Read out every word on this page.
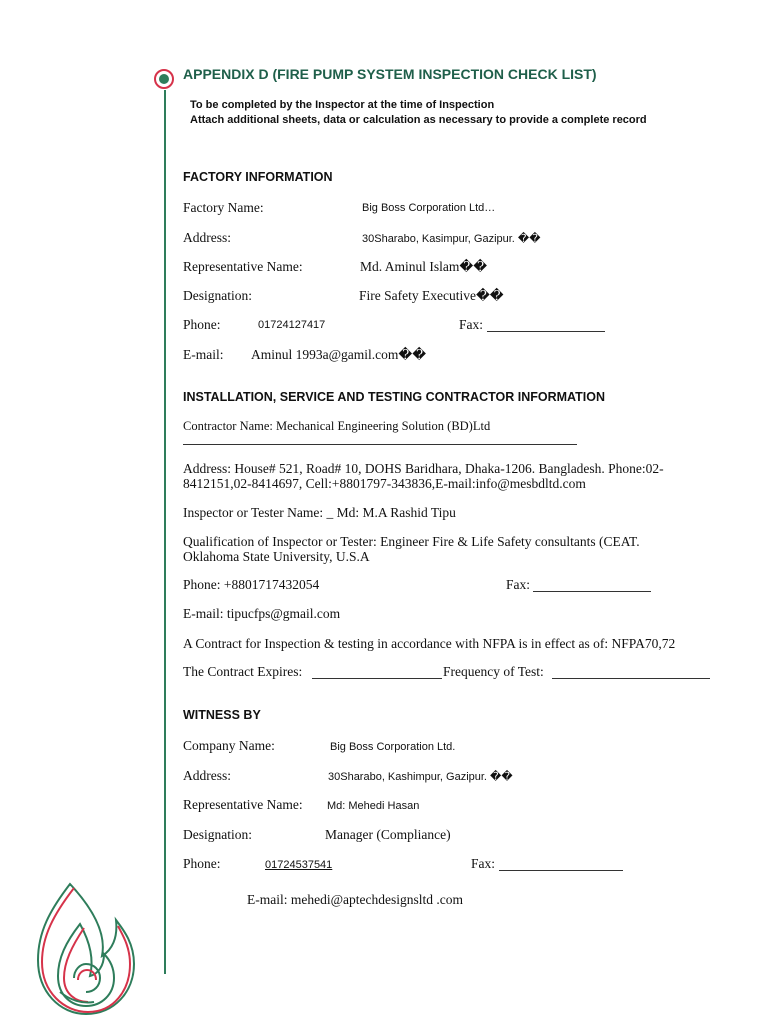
APPENDIX D (FIRE PUMP SYSTEM INSPECTION CHECK LIST)
To be completed by the Inspector at the time of Inspection
Attach additional sheets, data or calculation as necessary to provide a complete record
FACTORY INFORMATION
Factory Name:	Big Boss Corporation Ltd…
Address:	30Sharabo, Kasimpur, Gazipur. ��
Representative Name:	Md. Aminul Islam��
Designation:	Fire Safety Executive��
Phone:	01724127417	Fax:
E-mail: Aminul 1993a@gamil.com��
INSTALLATION, SERVICE AND TESTING CONTRACTOR INFORMATION
Contractor Name: Mechanical Engineering Solution (BD)Ltd
Address: House# 521, Road# 10, DOHS Baridhara, Dhaka-1206. Bangladesh. Phone:02-8412151,02-8414697, Cell:+8801797-343836,E-mail:info@mesbdltd.com
Inspector or Tester Name: _ Md: M.A Rashid Tipu
Qualification of Inspector or Tester: Engineer Fire & Life Safety consultants (CEAT. Oklahoma State University, U.S.A
Phone: +8801717432054	Fax:
E-mail: tipucfps@gmail.com
A Contract for Inspection & testing in accordance with NFPA is in effect as of: NFPA70,72
The Contract Expires:	Frequency of Test:
WITNESS BY
Company Name:	Big Boss Corporation Ltd.
Address:	30Sharabo, Kashimpur, Gazipur. ��
Representative Name: Md: Mehedi Hasan
Designation:	Manager (Compliance)
Phone:	01724537541	Fax:
E-mail: mehedi@aptechdesignsltd .com
